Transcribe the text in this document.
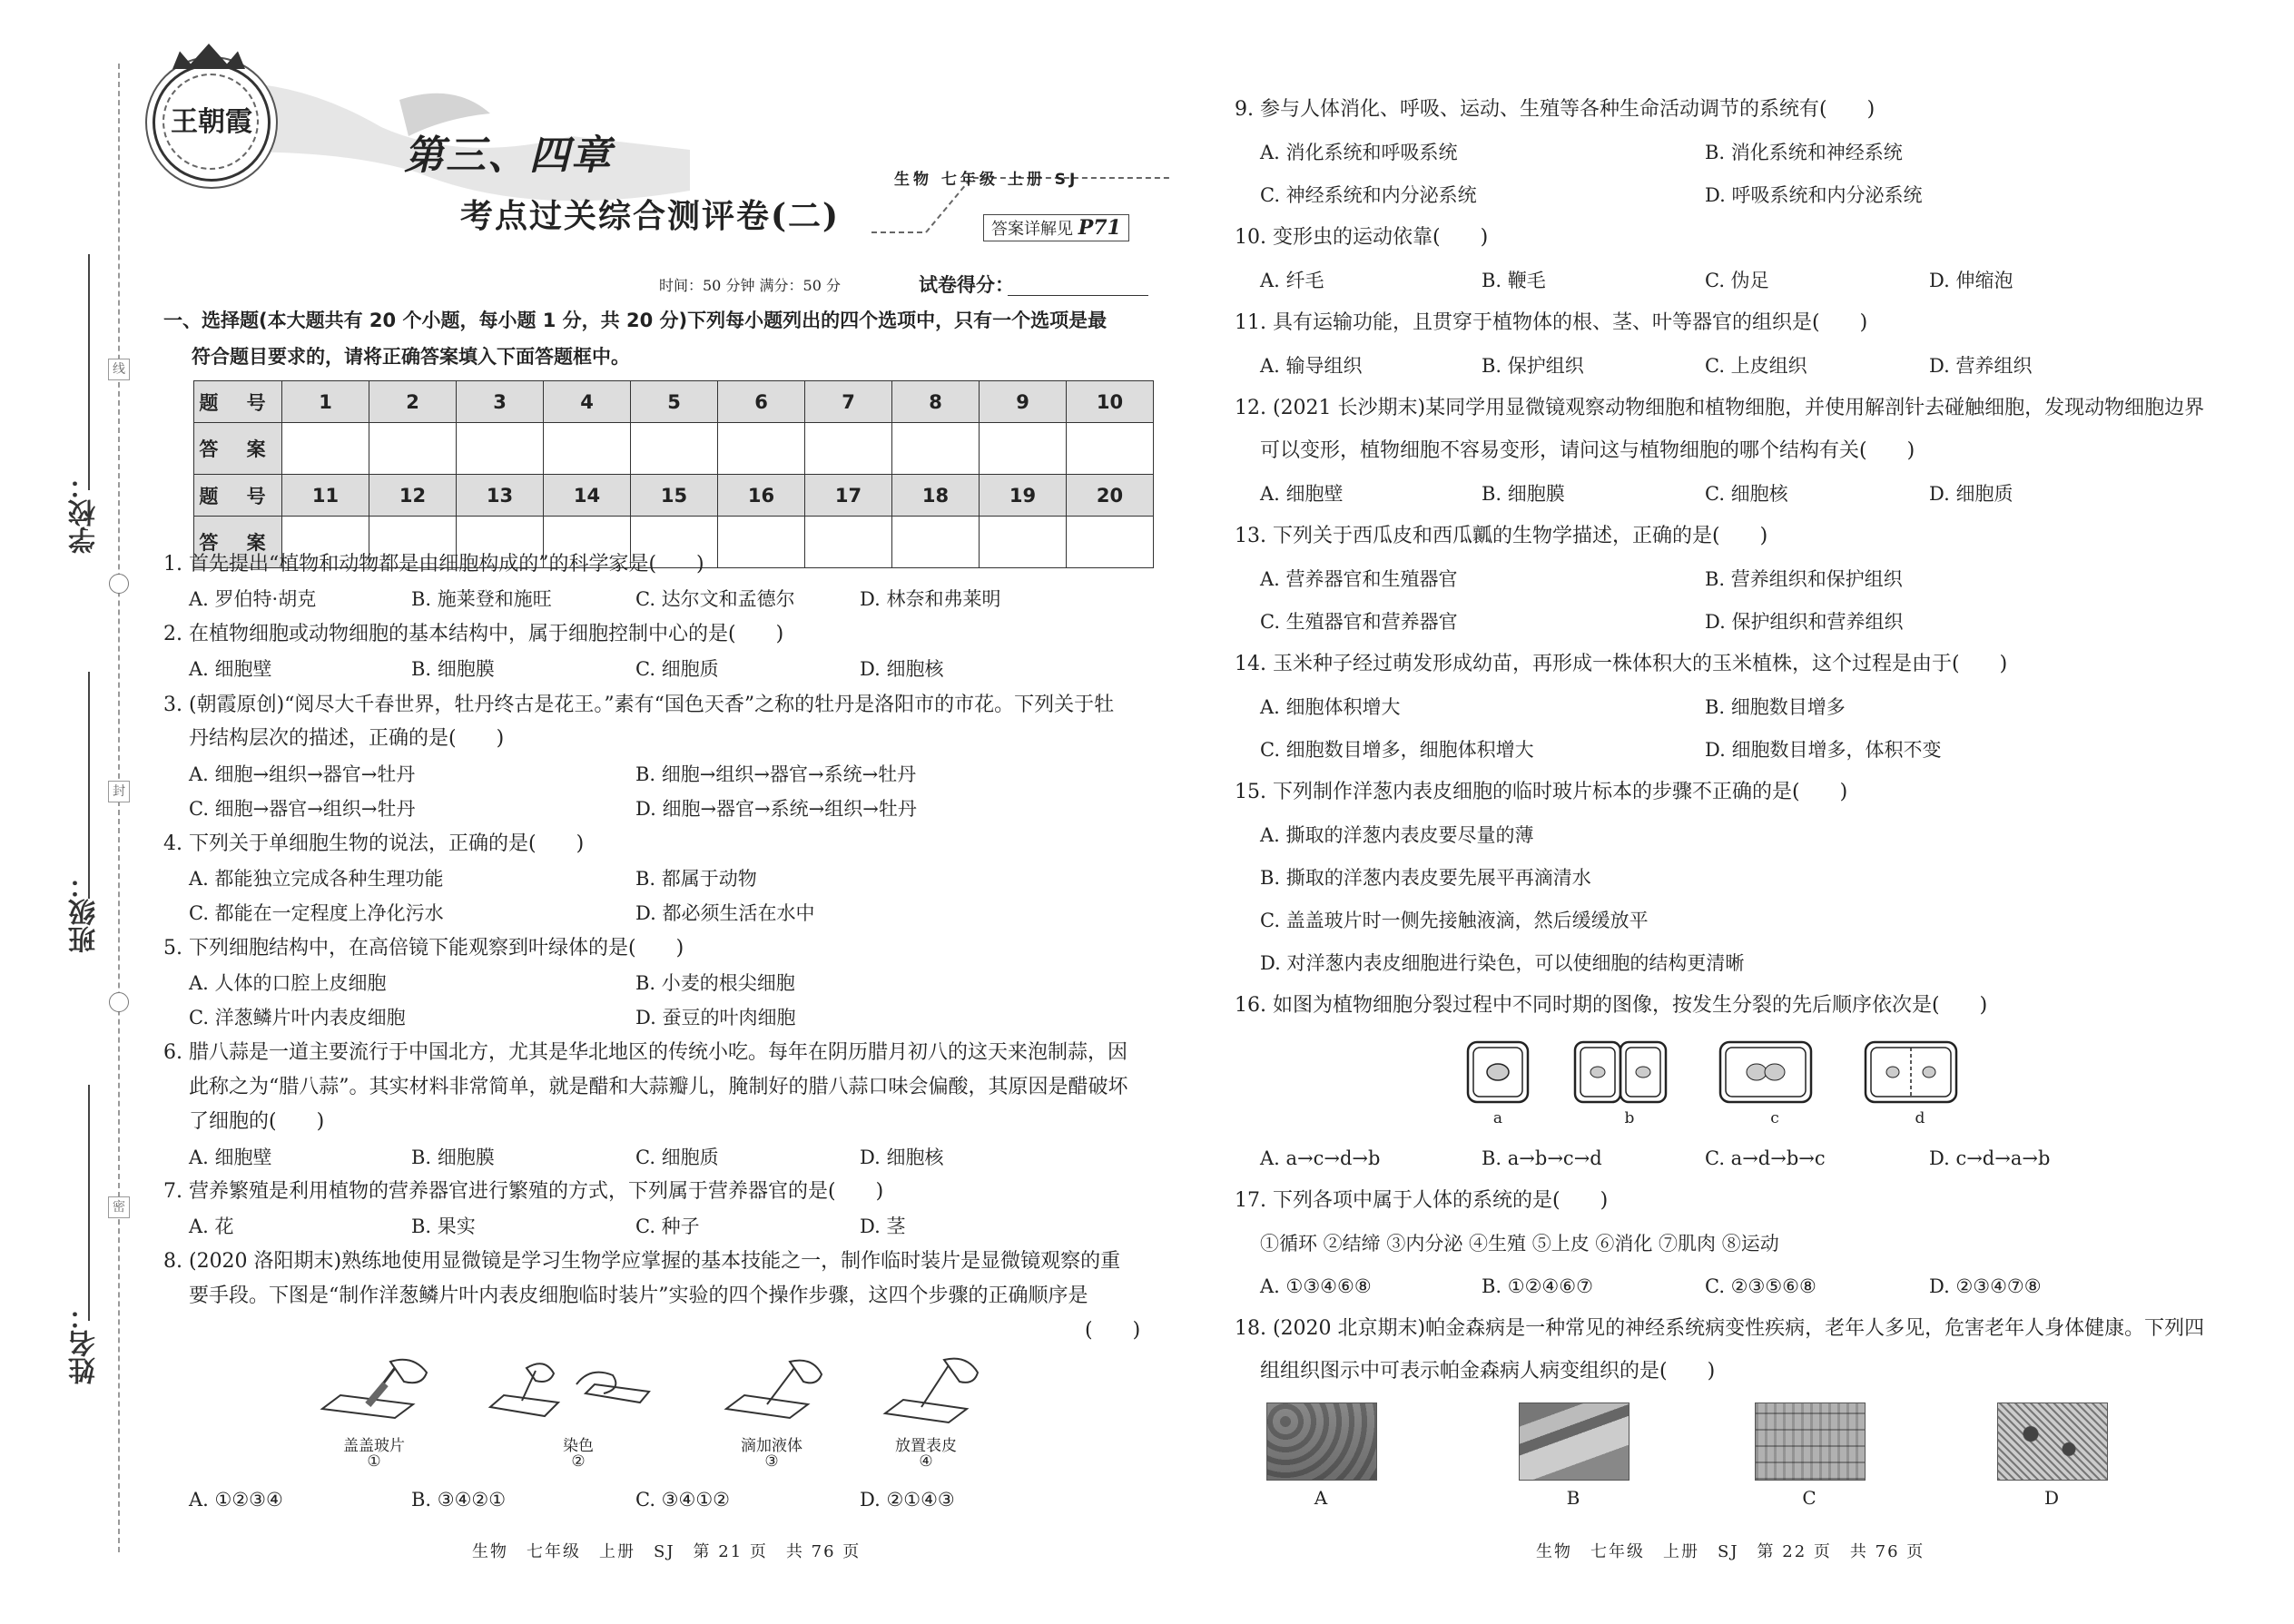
线
封
密
学校：
班级：
姓名：
王朝霞
第三、四章
考点过关综合测评卷(二)
生物 七年级 上册 SJ
答案详解见 P71
时间：50 分钟 满分：50 分	试卷得分：
一、选择题(本大题共有 20 个小题，每小题 1 分，共 20 分)下列每小题列出的四个选项中，只有一个选项是最
符合题目要求的，请将正确答案填入下面答题框中。
题 号	1	2	3	4	5	6	7	8	9	10
答 案										
题 号	11	12	13	14	15	16	17	18	19	20
答 案										
1. 首先提出“植物和动物都是由细胞构成的”的科学家是(　　)
A. 罗伯特·胡克	B. 施莱登和施旺	C. 达尔文和孟德尔	D. 林奈和弗莱明
2. 在植物细胞或动物细胞的基本结构中，属于细胞控制中心的是(　　)
A. 细胞壁	B. 细胞膜	C. 细胞质	D. 细胞核
3. (朝霞原创)“阅尽大千春世界，牡丹终古是花王。”素有“国色天香”之称的牡丹是洛阳市的市花。下列关于牡
丹结构层次的描述，正确的是(　　)
A. 细胞→组织→器官→牡丹	B. 细胞→组织→器官→系统→牡丹
C. 细胞→器官→组织→牡丹	D. 细胞→器官→系统→组织→牡丹
4. 下列关于单细胞生物的说法，正确的是(　　)
A. 都能独立完成各种生理功能	B. 都属于动物
C. 都能在一定程度上净化污水	D. 都必须生活在水中
5. 下列细胞结构中，在高倍镜下能观察到叶绿体的是(　　)
A. 人体的口腔上皮细胞	B. 小麦的根尖细胞
C. 洋葱鳞片叶内表皮细胞	D. 蚕豆的叶肉细胞
6. 腊八蒜是一道主要流行于中国北方，尤其是华北地区的传统小吃。每年在阴历腊月初八的这天来泡制蒜，因
此称之为“腊八蒜”。其实材料非常简单，就是醋和大蒜瓣儿，腌制好的腊八蒜口味会偏酸，其原因是醋破坏
了细胞的(　　)
A. 细胞壁	B. 细胞膜	C. 细胞质	D. 细胞核
7. 营养繁殖是利用植物的营养器官进行繁殖的方式，下列属于营养器官的是(　　)
A. 花	B. 果实	C. 种子	D. 茎
8. (2020 洛阳期末)熟练地使用显微镜是学习生物学应掌握的基本技能之一，制作临时装片是显微镜观察的重
要手段。下图是“制作洋葱鳞片叶内表皮细胞临时装片”实验的四个操作步骤，这四个步骤的正确顺序是
(　　)
盖盖玻片
①
染色
②
滴加液体
③
放置表皮
④
A. ①②③④	B. ③④②①	C. ③④①②	D. ②①④③
生物　七年级　上册　SJ　第 21 页　共 76 页
9. 参与人体消化、呼吸、运动、生殖等各种生命活动调节的系统有(　　)
A. 消化系统和呼吸系统	B. 消化系统和神经系统
C. 神经系统和内分泌系统	D. 呼吸系统和内分泌系统
10. 变形虫的运动依靠(　　)
A. 纤毛	B. 鞭毛	C. 伪足	D. 伸缩泡
11. 具有运输功能，且贯穿于植物体的根、茎、叶等器官的组织是(　　)
A. 输导组织	B. 保护组织	C. 上皮组织	D. 营养组织
12. (2021 长沙期末)某同学用显微镜观察动物细胞和植物细胞，并使用解剖针去碰触细胞，发现动物细胞边界
可以变形，植物细胞不容易变形，请问这与植物细胞的哪个结构有关(　　)
A. 细胞壁	B. 细胞膜	C. 细胞核	D. 细胞质
13. 下列关于西瓜皮和西瓜瓤的生物学描述，正确的是(　　)
A. 营养器官和生殖器官	B. 营养组织和保护组织
C. 生殖器官和营养器官	D. 保护组织和营养组织
14. 玉米种子经过萌发形成幼苗，再形成一株体积大的玉米植株，这个过程是由于(　　)
A. 细胞体积增大	B. 细胞数目增多
C. 细胞数目增多，细胞体积增大	D. 细胞数目增多，体积不变
15. 下列制作洋葱内表皮细胞的临时玻片标本的步骤不正确的是(　　)
A. 撕取的洋葱内表皮要尽量的薄
B. 撕取的洋葱内表皮要先展平再滴清水
C. 盖盖玻片时一侧先接触液滴，然后缓缓放平
D. 对洋葱内表皮细胞进行染色，可以使细胞的结构更清晰
16. 如图为植物细胞分裂过程中不同时期的图像，按发生分裂的先后顺序依次是(　　)
a	b	c	d
A. a→c→d→b	B. a→b→c→d	C. a→d→b→c	D. c→d→a→b
17. 下列各项中属于人体的系统的是(　　)
①循环 ②结缔 ③内分泌 ④生殖 ⑤上皮 ⑥消化 ⑦肌肉 ⑧运动
A. ①③④⑥⑧	B. ①②④⑥⑦	C. ②③⑤⑥⑧	D. ②③④⑦⑧
18. (2020 北京期末)帕金森病是一种常见的神经系统病变性疾病，老年人多见，危害老年人身体健康。下列四
组组织图示中可表示帕金森病人病变组织的是(　　)
A	B	C	D
生物　七年级　上册　SJ　第 22 页　共 76 页
